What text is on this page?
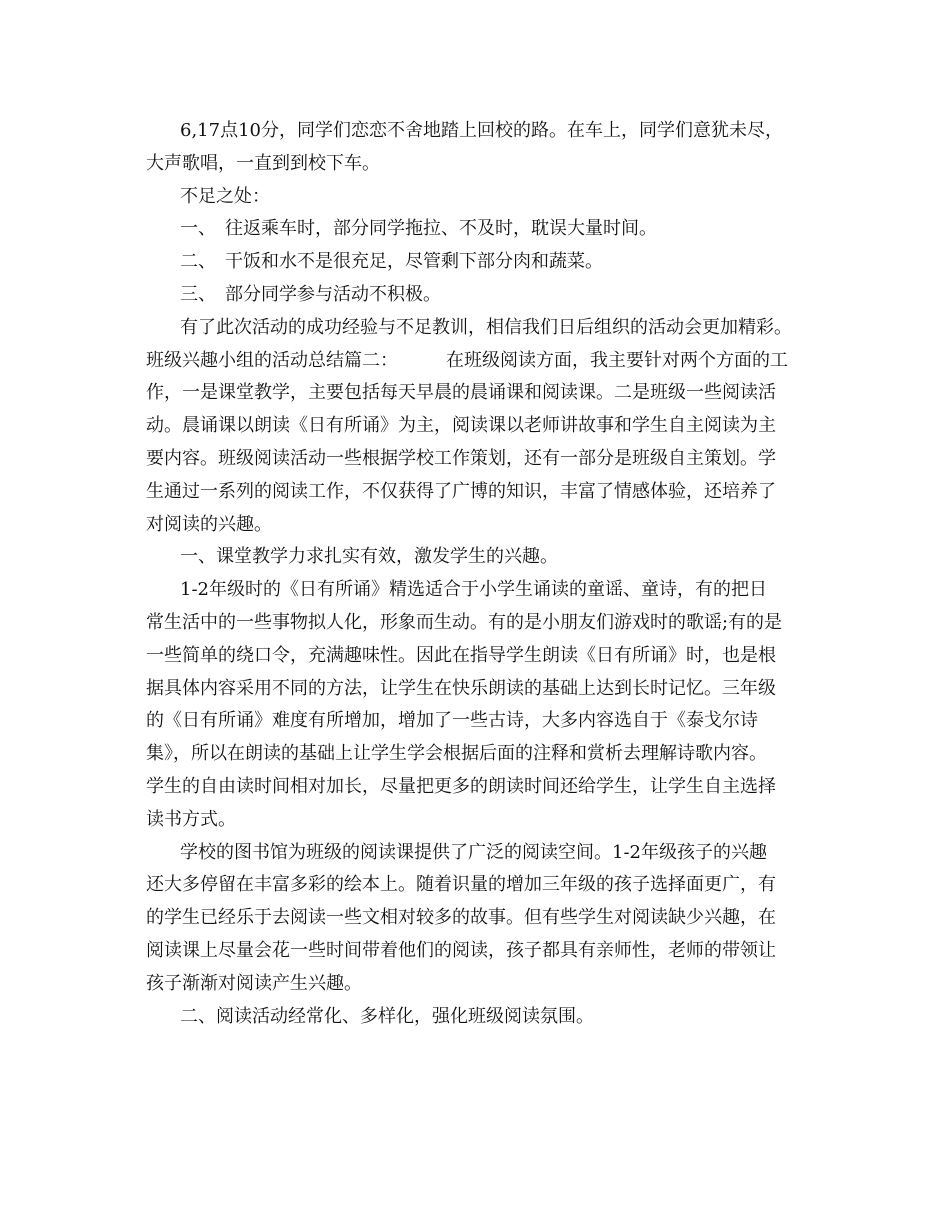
6,17点10分，同学们恋恋不舍地踏上回校的路。在车上，同学们意犹未尽，
大声歌唱，一直到到校下车。
不足之处：
一、　往返乘车时，部分同学拖拉、不及时，耽误大量时间。
二、　干饭和水不是很充足，尽管剩下部分肉和蔬菜。
三、　部分同学参与活动不积极。
有了此次活动的成功经验与不足教训，相信我们日后组织的活动会更加精彩。
班级兴趣小组的活动总结篇二：	在班级阅读方面，我主要针对两个方面的工
作，一是课堂教学，主要包括每天早晨的晨诵课和阅读课。二是班级一些阅读活
动。晨诵课以朗读《日有所诵》为主，阅读课以老师讲故事和学生自主阅读为主
要内容。班级阅读活动一些根据学校工作策划，还有一部分是班级自主策划。学
生通过一系列的阅读工作，不仅获得了广博的知识，丰富了情感体验，还培养了
对阅读的兴趣。
一、课堂教学力求扎实有效，激发学生的兴趣。
1-2年级时的《日有所诵》精选适合于小学生诵读的童谣、童诗，有的把日
常生活中的一些事物拟人化，形象而生动。有的是小朋友们游戏时的歌谣;有的是
一些简单的绕口令，充满趣味性。因此在指导学生朗读《日有所诵》时，也是根
据具体内容采用不同的方法，让学生在快乐朗读的基础上达到长时记忆。三年级
的《日有所诵》难度有所增加，增加了一些古诗，大多内容选自于《泰戈尔诗
集》，所以在朗读的基础上让学生学会根据后面的注释和赏析去理解诗歌内容。
学生的自由读时间相对加长，尽量把更多的朗读时间还给学生，让学生自主选择
读书方式。
学校的图书馆为班级的阅读课提供了广泛的阅读空间。1-2年级孩子的兴趣
还大多停留在丰富多彩的绘本上。随着识量的增加三年级的孩子选择面更广，有
的学生已经乐于去阅读一些文相对较多的故事。但有些学生对阅读缺少兴趣，在
阅读课上尽量会花一些时间带着他们的阅读，孩子都具有亲师性，老师的带领让
孩子渐渐对阅读产生兴趣。
二、阅读活动经常化、多样化，强化班级阅读氛围。
